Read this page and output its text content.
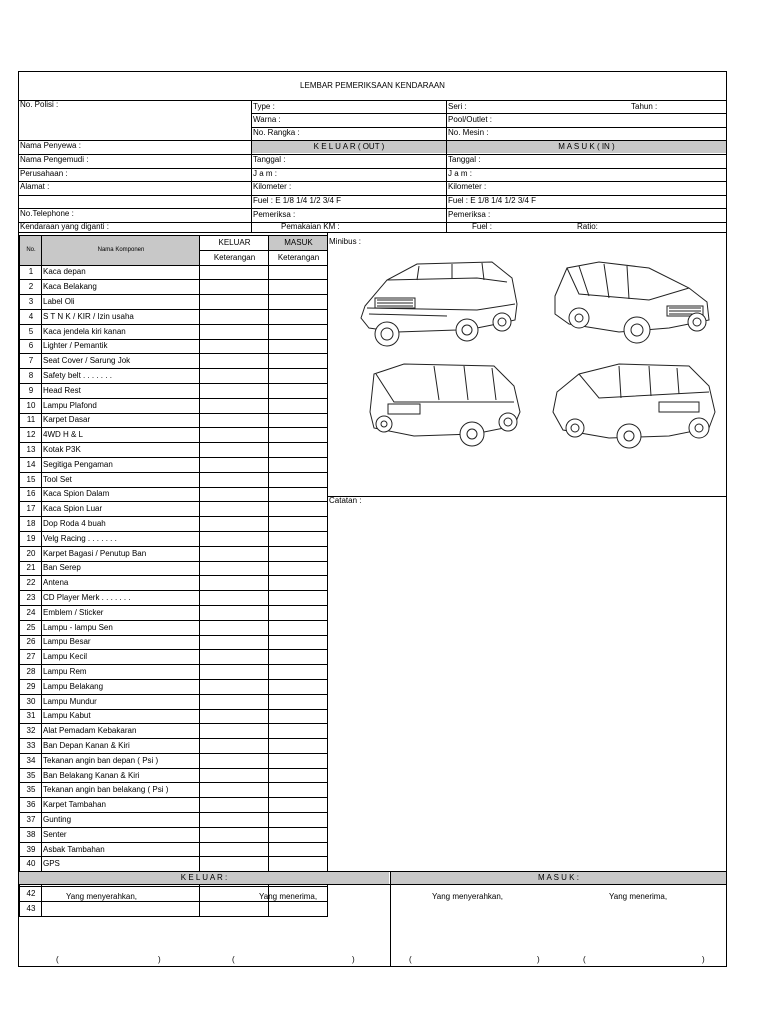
LEMBAR PEMERIKSAAN KENDARAAN
No. Polisi :
Nama Penyewa :
Nama Pengemudi :
Perusahaan :
Alamat :
No.Telephone :
Kendaraan yang diganti :
Type :
Warna :
No. Rangka :
K E L U A R ( OUT )
Tanggal :
J a m :
Kilometer :
Fuel : E 1/8 1/4 1/2 3/4 F
Pemeriksa :
Pemakaian KM :
Seri :	Tahun :
Pool/Outlet :
No. Mesin :
M A S U K ( IN )
Tanggal :
J a m :
Kilometer :
Fuel : E 1/8 1/4 1/2 3/4 F
Pemeriksa :
Fuel :	Ratio:
No.	Nama Komponen	KELUAR	MASUK
		Keterangan	Keterangan
1	Kaca depan		
2	Kaca Belakang		
3	Label Oli		
4	S T N K / KIR / Izin usaha		
5	Kaca jendela kiri kanan		
6	Lighter / Pemantik		
7	Seat Cover / Sarung Jok		
8	Safety belt . . . . . . .		
9	Head Rest		
10	Lampu Plafond		
11	Karpet Dasar		
12	4WD H & L		
13	Kotak P3K		
14	Segitiga Pengaman		
15	Tool Set		
16	Kaca Spion Dalam		
17	Kaca Spion Luar		
18	Dop Roda 4 buah		
19	Velg Racing . . . . . . .		
20	Karpet Bagasi / Penutup Ban		
21	Ban Serep		
22	Antena		
23	CD Player Merk . . . . . . .		
24	Emblem / Sticker		
25	Lampu - lampu Sen		
26	Lampu Besar		
27	Lampu Kecil		
28	Lampu Rem		
29	Lampu Belakang		
30	Lampu Mundur		
31	Lampu Kabut		
32	Alat Pemadam Kebakaran		
33	Ban Depan Kanan & Kiri		
34	Tekanan angin ban depan ( Psi )		
35	Ban Belakang Kanan & Kiri		
35	Tekanan angin ban belakang ( Psi )		
36	Karpet Tambahan		
37	Gunting		
38	Senter		
39	Asbak Tambahan		
40	GPS		

42			
43			
Minibus :
Catatan :
K E L U A R :	M A S U K :
Yang menyerahkan,	Yang menerima,	Yang menyerahkan,	Yang menerima,
(	)	(	)	(	)	(	)
